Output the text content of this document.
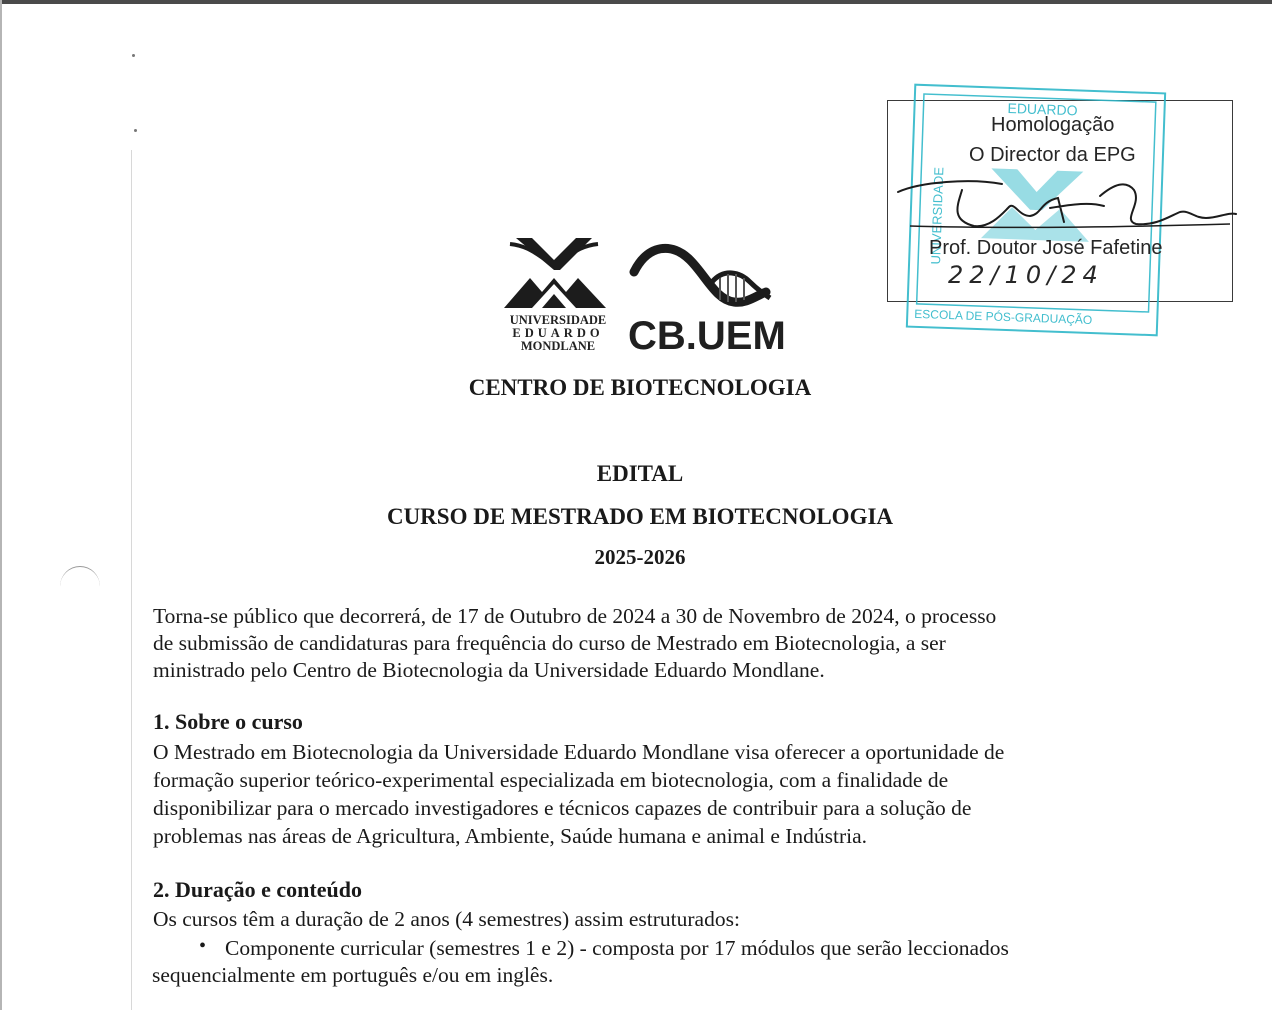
UNIVERSIDADE
EDUARDO
MONDLANE CB.UEM
EDUARDO
UNIVERSIDADE
ESCOLA DE PÓS-GRADUAÇÃO
Homologação
O Director da EPG
Prof. Doutor José Fafetine
22/10/24
CENTRO DE BIOTECNOLOGIA
EDITAL
CURSO DE MESTRADO EM BIOTECNOLOGIA
2025-2026
Torna-se público que decorrerá, de 17 de Outubro de 2024 a 30 de Novembro de 2024, o processo
de submissão de candidaturas para frequência do curso de Mestrado em Biotecnologia, a ser
ministrado pelo Centro de Biotecnologia da Universidade Eduardo Mondlane.
1. Sobre o curso
O Mestrado em Biotecnologia da Universidade Eduardo Mondlane visa oferecer a oportunidade de
formação superior teórico-experimental especializada em biotecnologia, com a finalidade de
disponibilizar para o mercado investigadores e técnicos capazes de contribuir para a solução de
problemas nas áreas de Agricultura, Ambiente, Saúde humana e animal e Indústria.
2. Duração e conteúdo
Os cursos têm a duração de 2 anos (4 semestres) assim estruturados:
• Componente curricular (semestres 1 e 2) - composta por 17 módulos que serão leccionados
sequencialmente em português e/ou em inglês.
